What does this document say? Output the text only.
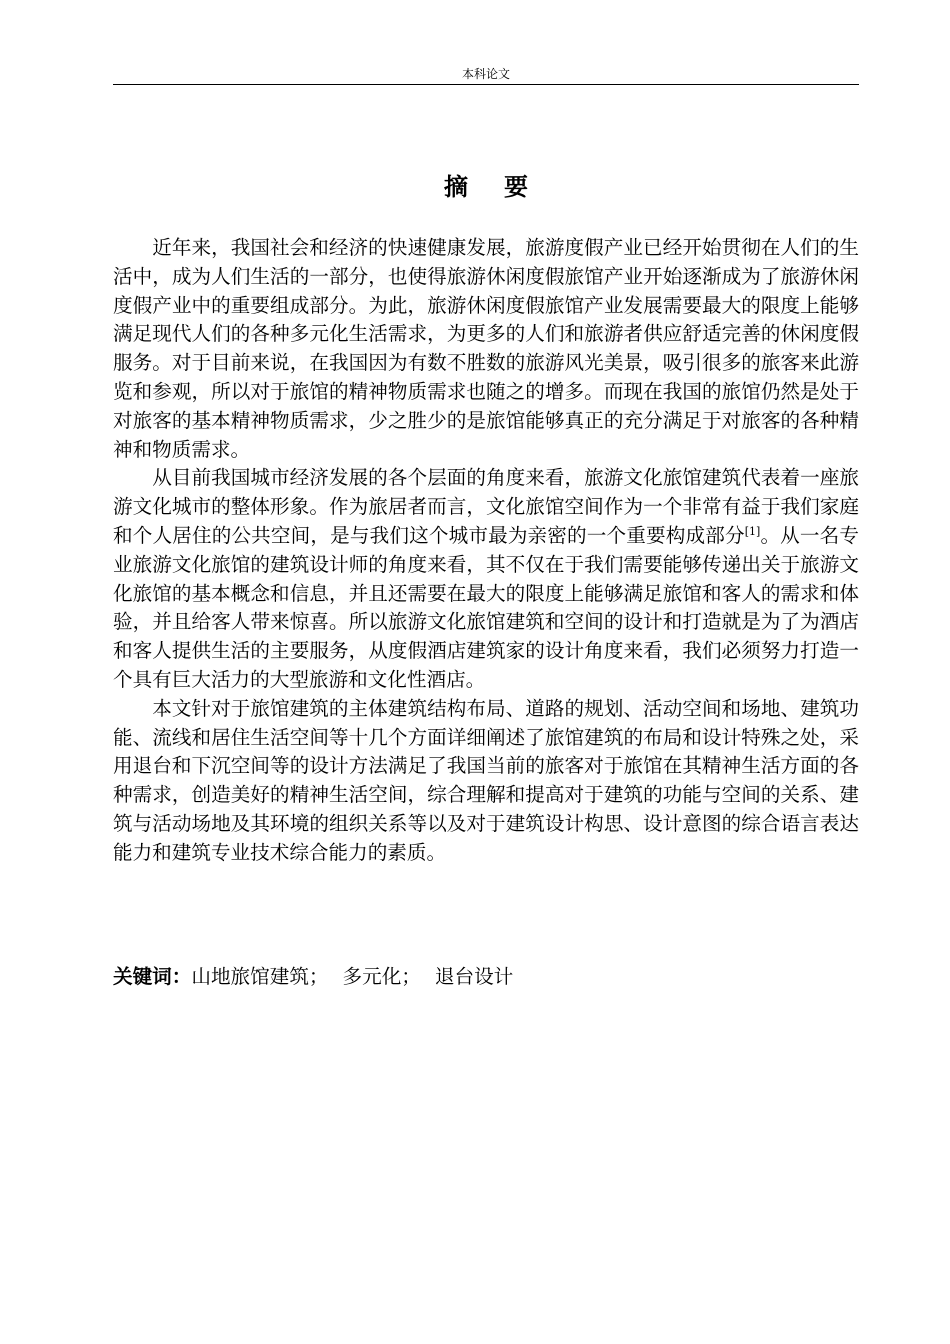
本科论文
摘要

近年来，我国社会和经济的快速健康发展，旅游度假产业已经开始贯彻在人们的生活中，成为人们生活的一部分，也使得旅游休闲度假旅馆产业开始逐渐成为了旅游休闲度假产业中的重要组成部分。为此，旅游休闲度假旅馆产业发展需要最大的限度上能够满足现代人们的各种多元化生活需求，为更多的人们和旅游者供应舒适完善的休闲度假服务。对于目前来说，在我国因为有数不胜数的旅游风光美景，吸引很多的旅客来此游览和参观，所以对于旅馆的精神物质需求也随之的增多。而现在我国的旅馆仍然是处于对旅客的基本精神物质需求，少之胜少的是旅馆能够真正的充分满足于对旅客的各种精神和物质需求。

从目前我国城市经济发展的各个层面的角度来看，旅游文化旅馆建筑代表着一座旅游文化城市的整体形象。作为旅居者而言，文化旅馆空间作为一个非常有益于我们家庭和个人居住的公共空间，是与我们这个城市最为亲密的一个重要构成部分[1]。从一名专业旅游文化旅馆的建筑设计师的角度来看，其不仅在于我们需要能够传递出关于旅游文化旅馆的基本概念和信息，并且还需要在最大的限度上能够满足旅馆和客人的需求和体验，并且给客人带来惊喜。所以旅游文化旅馆建筑和空间的设计和打造就是为了为酒店和客人提供生活的主要服务，从度假酒店建筑家的设计角度来看，我们必须努力打造一个具有巨大活力的大型旅游和文化性酒店。

本文针对于旅馆建筑的主体建筑结构布局、道路的规划、活动空间和场地、建筑功能、流线和居住生活空间等十几个方面详细阐述了旅馆建筑的布局和设计特殊之处，采用退台和下沉空间等的设计方法满足了我国当前的旅客对于旅馆在其精神生活方面的各种需求，创造美好的精神生活空间，综合理解和提高对于建筑的功能与空间的关系、建筑与活动场地及其环境的组织关系等以及对于建筑设计构思、设计意图的综合语言表达能力和建筑专业技术综合能力的素质。

关键词：山地旅馆建筑； 多元化； 退台设计
